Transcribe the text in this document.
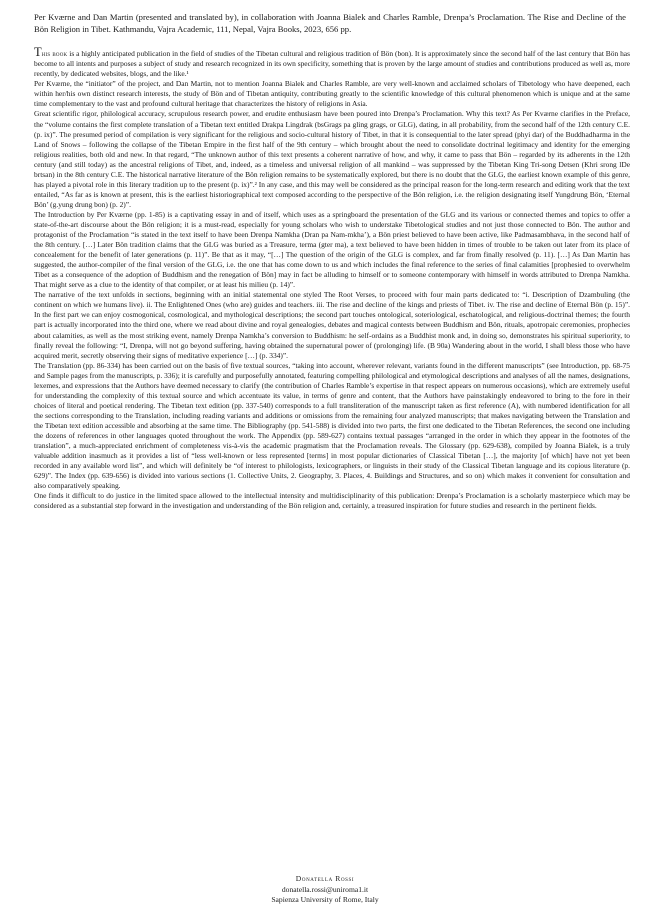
Per Kværne and Dan Martin (presented and translated by), in collaboration with Joanna Bialek and Charles Ramble, Drenpa’s Proclamation. The Rise and Decline of the Bön Religion in Tibet. Kathmandu, Vajra Academic, 111, Nepal, Vajra Books, 2023, 656 pp.

This book is a highly anticipated publication in the field of studies of the Tibetan cultural and religious tradition of Bön (bon). It is approximately since the second half of the last century that Bön has become to all intents and purposes a subject of study and research recognized in its own specificity, something that is proven by the large amount of studies and contributions produced as well as, more recently, by dedicated websites, blogs, and the like.¹

Per Kværne, the “initiator” of the project, and Dan Martin, not to mention Joanna Bialek and Charles Ramble, are very well-known and acclaimed scholars of Tibetology who have deepened, each within her/his own distinct research interests, the study of Bön and of Tibetan antiquity, contributing greatly to the scientific knowledge of this cultural phenomenon which is unique and at the same time complementary to the vast and profound cultural heritage that characterizes the history of religions in Asia.

Great scientific rigor, philological accuracy, scrupulous research power, and erudite enthusiasm have been poured into Drenpa’s Proclamation. Why this text? As Per Kværne clarifies in the Preface, the “volume contains the first complete translation of a Tibetan text entitled Drakpa Lingdrak (bsGrags pa gling grags, or GLG), dating, in all probability, from the second half of the 12th century C.E. (p. ix)”. The presumed period of compilation is very significant for the religious and socio-cultural history of Tibet, in that it is consequential to the later spread (phyi dar) of the Buddhadharma in the Land of Snows – following the collapse of the Tibetan Empire in the first half of the 9th century – which brought about the need to consolidate doctrinal legitimacy and identity for the emerging religious realities, both old and new. In that regard, “The unknown author of this text presents a coherent narrative of how, and why, it came to pass that Bön – regarded by its adherents in the 12th century (and still today) as the ancestral religions of Tibet, and, indeed, as a timeless and universal religion of all mankind – was suppressed by the Tibetan King Tri-song Detsen (Khri srong lDe brtsan) in the 8th century C.E. The historical narrative literature of the Bön religion remains to be systematically explored, but there is no doubt that the GLG, the earliest known example of this genre, has played a pivotal role in this literary tradition up to the present (p. ix)”.² In any case, and this may well be considered as the principal reason for the long-term research and editing work that the text entailed, “As far as is known at present, this is the earliest historiographical text composed according to the perspective of the Bön religion, i.e. the religion designating itself Yungdrung Bön, ‘Eternal Bön’ (g.yung drung bon) (p. 2)”.

The Introduction by Per Kværne (pp. 1-85) is a captivating essay in and of itself, which uses as a springboard the presentation of the GLG and its various or connected themes and topics to offer a state-of-the-art discourse about the Bön religion; it is a must-read, especially for young scholars who wish to understake Tibetological studies and not just those connected to Bön. The author and protagonist of the Proclamation “is stated in the text itself to have been Drenpa Namkha (Dran pa Nam-mkha’), a Bön priest believed to have been active, like Padmasambhava, in the second half of the 8th century. […] Later Bön tradition claims that the GLG was buried as a Treasure, terma (gter ma), a text believed to have been hidden in times of trouble to be taken out later from its place of concealement for the benefit of later generations (p. 11)”. Be that as it may, “[…] The question of the origin of the GLG is complex, and far from finally resolved (p. 11). […] As Dan Martin has suggested, the author-compiler of the final version of the GLG, i.e. the one that has come down to us and which includes the final reference to the series of final calamities [prophesied to overwhelm Tibet as a consequence of the adoption of Buddhism and the renegation of Bön] may in fact be alluding to himself or to someone contemporary with himself in words attributed to Drenpa Namkha. That might serve as a clue to the identity of that compiler, or at least his milieu (p. 14)”.

The narrative of the text unfolds in sections, beginning with an initial statemental one styled The Root Verses, to proceed with four main parts dedicated to: “i. Description of Dzambuling (the continent on which we humans live). ii. The Enlightened Ones (who are) guides and teachers. iii. The rise and decline of the kings and priests of Tibet. iv. The rise and decline of Eternal Bön (p. 15)”. In the first part we can enjoy cosmogonical, cosmological, and mythological descriptions; the second part touches ontological, soteriological, eschatological, and religious-doctrinal themes; the fourth part is actually incorporated into the third one, where we read about divine and royal genealogies, debates and magical contests between Buddhism and Bön, rituals, apotropaic ceremonies, prophecies about calamities, as well as the most striking event, namely Drenpa Namkha’s conversion to Buddhism: he self-ordains as a Buddhist monk and, in doing so, demonstrates his spiritual superiority, to finally reveal the following: “I, Drenpa, will not go beyond suffering, having obtained the supernatural power of (prolonging) life. (B 90a) Wandering about in the world, I shall bless those who have acquired merit, secretly observing their signs of meditative experience […] (p. 334)”.

The Translation (pp. 86-334) has been carried out on the basis of five textual sources, “taking into account, wherever relevant, variants found in the different manuscripts” (see Introduction, pp. 68-75 and Sample pages from the manuscripts, p. 336); it is carefully and purposefully annotated, featuring compelling philological and etymological descriptions and analyses of all the names, designations, lexemes, and expressions that the Authors have deemed necessary to clarify (the contribution of Charles Ramble’s expertise in that respect appears on numerous occasions), which are extremely useful for understanding the complexity of this textual source and which accentuate its value, in terms of genre and content, that the Authors have painstakingly endeavored to bring to the fore in their choices of literal and poetical rendering. The Tibetan text edition (pp. 337-540) corresponds to a full transliteration of the manuscript taken as first reference (A), with numbered identification for all the sections corresponding to the Translation, including reading variants and additions or omissions from the remaining four analyzed manuscripts; that makes navigating between the Translation and the Tibetan text edition accessible and absorbing at the same time. The Bibliography (pp. 541-588) is divided into two parts, the first one dedicated to the Tibetan References, the second one including the dozens of references in other languages quoted throughout the work. The Appendix (pp. 589-627) contains textual passages “arranged in the order in which they appear in the footnotes of the translation”, a much-appreciated enrichment of completeness vis-à-vis the academic pragmatism that the Proclamation reveals. The Glossary (pp. 629-638), compiled by Joanna Bialek, is a truly valuable addition inasmuch as it provides a list of “less well-known or less represented [terms] in most popular dictionaries of Classical Tibetan […], the majority [of which] have not yet been recorded in any available word list”, and which will definitely be “of interest to philologists, lexicographers, or linguists in their study of the Classical Tibetan language and its copious literature (p. 629)”. The Index (pp. 639-656) is divided into various sections (1. Collective Units, 2. Geography, 3. Places, 4. Buildings and Structures, and so on) which makes it convenient for consultation and also comparatively speaking.

One finds it difficult to do justice in the limited space allowed to the intellectual intensity and multidisciplinarity of this publication: Drenpa’s Proclamation is a scholarly masterpiece which may be considered as a substantial step forward in the investigation and understanding of the Bön religion and, certainly, a treasured inspiration for future studies and research in the pertinent fields.

Donatella Rossi
donatella.rossi@uniroma1.it
Sapienza University of Rome, Italy
